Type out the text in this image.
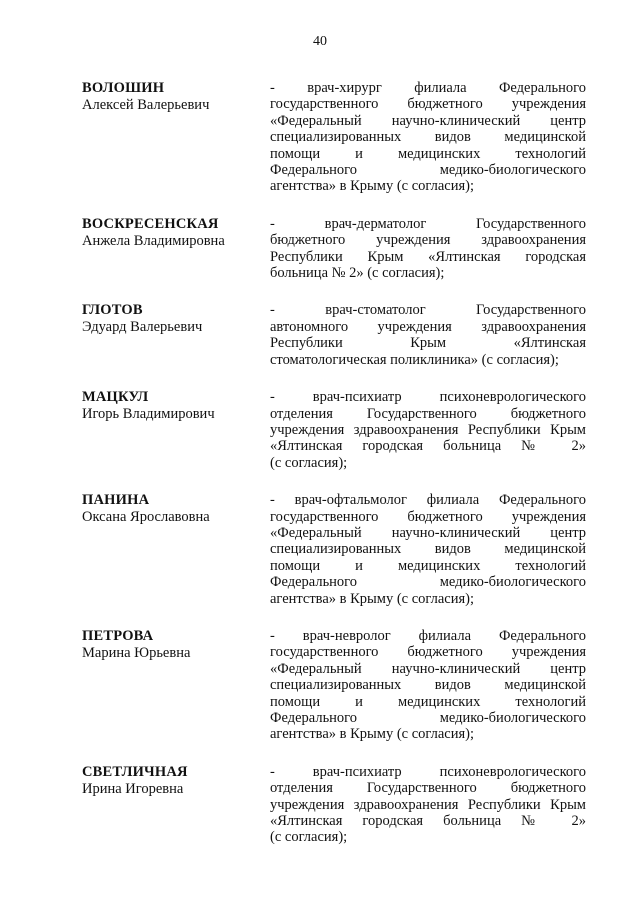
40
ВОЛОШИН
Алексей Валерьевич
- врач-хирург филиала Федерального
государственного бюджетного учреждения
«Федеральный научно-клинический центр
специализированных видов медицинской
помощи и медицинских технологий
Федерального медико-биологического
агентства» в Крыму (с согласия);
ВОСКРЕСЕНСКАЯ
Анжела Владимировна
- врач-дерматолог Государственного
бюджетного учреждения здравоохранения
Республики Крым «Ялтинская городская
больница № 2» (с согласия);
ГЛОТОВ
Эдуард Валерьевич
- врач-стоматолог Государственного
автономного учреждения здравоохранения
Республики Крым «Ялтинская
стоматологическая поликлиника» (с согласия);
МАЦКУЛ
Игорь Владимирович
- врач-психиатр психоневрологического
отделения Государственного бюджетного
учреждения здравоохранения Республики Крым
«Ялтинская городская больница № 2»
(с согласия);
ПАНИНА
Оксана Ярославовна
- врач-офтальмолог филиала Федерального
государственного бюджетного учреждения
«Федеральный научно-клинический центр
специализированных видов медицинской
помощи и медицинских технологий
Федерального медико-биологического
агентства» в Крыму (с согласия);
ПЕТРОВА
Марина Юрьевна
- врач-невролог филиала Федерального
государственного бюджетного учреждения
«Федеральный научно-клинический центр
специализированных видов медицинской
помощи и медицинских технологий
Федерального медико-биологического
агентства» в Крыму (с согласия);
СВЕТЛИЧНАЯ
Ирина Игоревна
- врач-психиатр психоневрологического
отделения Государственного бюджетного
учреждения здравоохранения Республики Крым
«Ялтинская городская больница № 2»
(с согласия);
